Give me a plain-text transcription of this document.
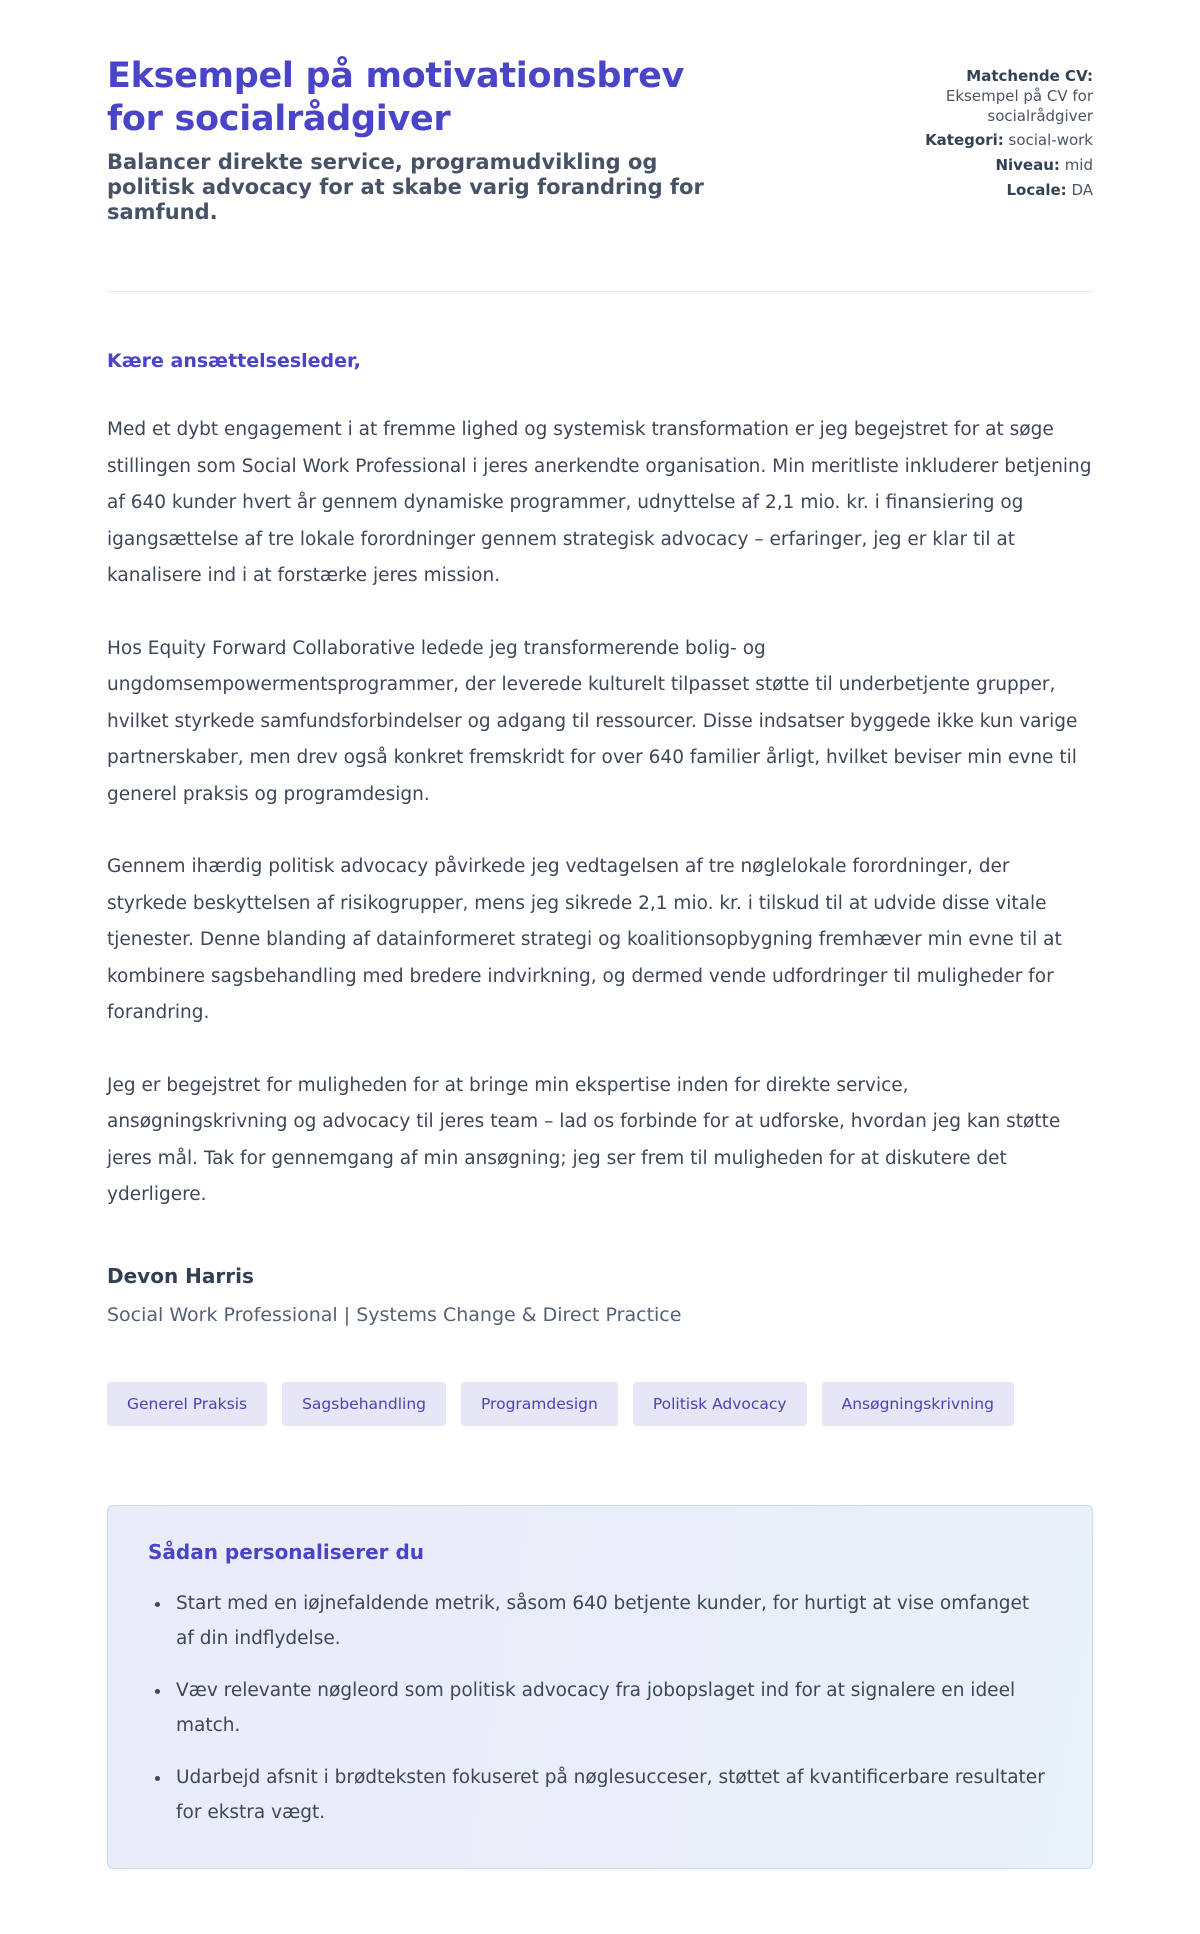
Eksempel på motivationsbrev for socialrådgiver
Balancer direkte service, programudvikling og politisk advocacy for at skabe varig forandring for samfund.
Matchende CV:
Eksempel på CV for socialrådgiver
Kategori: social-work
Niveau: mid
Locale: DA
Kære ansættelsesleder,

Med et dybt engagement i at fremme lighed og systemisk transformation er jeg begejstret for at søge stillingen som Social Work Professional i jeres anerkendte organisation. Min meritliste inkluderer betjening af 640 kunder hvert år gennem dynamiske programmer, udnyttelse af 2,1 mio. kr. i finansiering og igangsættelse af tre lokale forordninger gennem strategisk advocacy – erfaringer, jeg er klar til at kanalisere ind i at forstærke jeres mission.

Hos Equity Forward Collaborative ledede jeg transformerende bolig- og ungdomsempowermentsprogrammer, der leverede kulturelt tilpasset støtte til underbetjente grupper, hvilket styrkede samfundsforbindelser og adgang til ressourcer. Disse indsatser byggede ikke kun varige partnerskaber, men drev også konkret fremskridt for over 640 familier årligt, hvilket beviser min evne til generel praksis og programdesign.

Gennem ihærdig politisk advocacy påvirkede jeg vedtagelsen af tre nøglelokale forordninger, der styrkede beskyttelsen af risikogrupper, mens jeg sikrede 2,1 mio. kr. i tilskud til at udvide disse vitale tjenester. Denne blanding af datainformeret strategi og koalitionsopbygning fremhæver min evne til at kombinere sagsbehandling med bredere indvirkning, og dermed vende udfordringer til muligheder for forandring.

Jeg er begejstret for muligheden for at bringe min ekspertise inden for direkte service, ansøgningskrivning og advocacy til jeres team – lad os forbinde for at udforske, hvordan jeg kan støtte jeres mål. Tak for gennemgang af min ansøgning; jeg ser frem til muligheden for at diskutere det yderligere.

Devon Harris
Social Work Professional | Systems Change & Direct Practice
Generel Praksis	Sagsbehandling	Programdesign	Politisk Advocacy	Ansøgningskrivning
Sådan personaliserer du
• Start med en iøjnefaldende metrik, såsom 640 betjente kunder, for hurtigt at vise omfanget af din indflydelse.
• Væv relevante nøgleord som politisk advocacy fra jobopslaget ind for at signalere en ideel match.
• Udarbejd afsnit i brødteksten fokuseret på nøglesucceser, støttet af kvantificerbare resultater for ekstra vægt.
